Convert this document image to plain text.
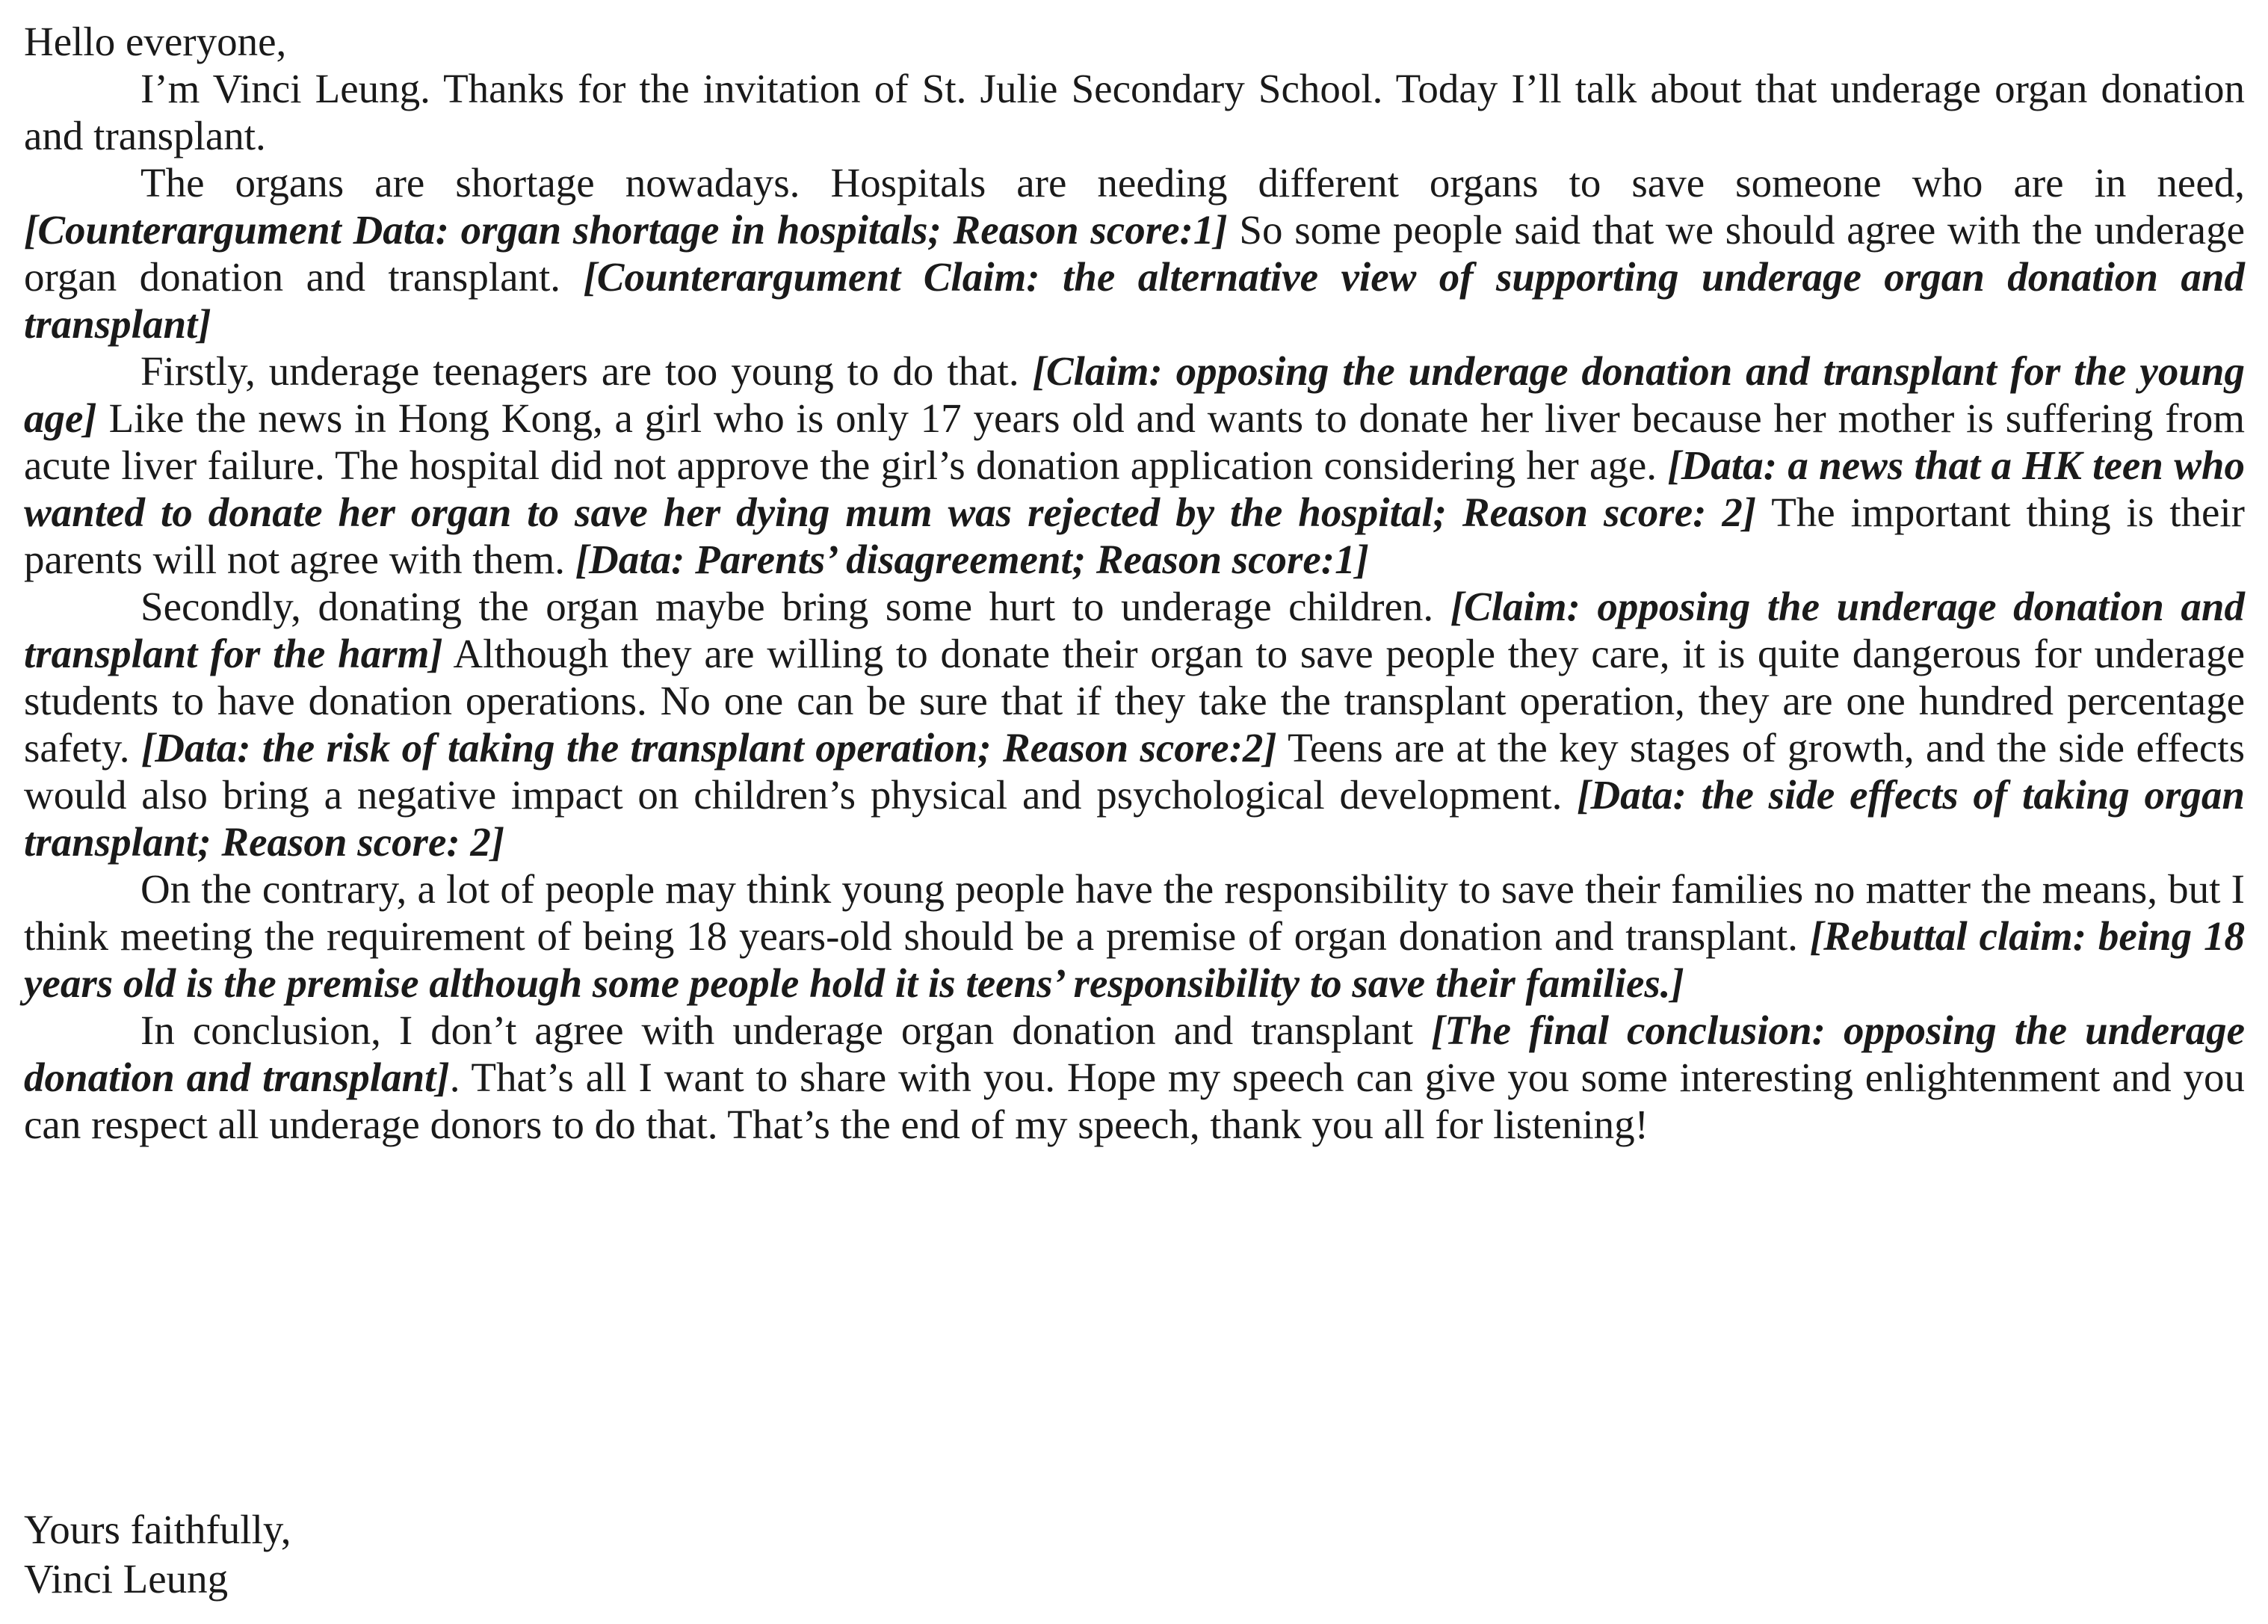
Hello everyone,

I’m Vinci Leung. Thanks for the invitation of St. Julie Secondary School. Today I’ll talk about that underage organ donation and transplant.

The organs are shortage nowadays. Hospitals are needing different organs to save someone who are in need, [Counterargument Data: organ shortage in hospitals; Reason score:1] So some people said that we should agree with the underage organ donation and transplant. [Counterargument Claim: the alternative view of supporting underage organ donation and transplant]

Firstly, underage teenagers are too young to do that. [Claim: opposing the underage donation and transplant for the young age] Like the news in Hong Kong, a girl who is only 17 years old and wants to donate her liver because her mother is suffering from acute liver failure. The hospital did not approve the girl’s donation application considering her age. [Data: a news that a HK teen who wanted to donate her organ to save her dying mum was rejected by the hospital; Reason score: 2] The important thing is their parents will not agree with them. [Data: Parents’ disagreement; Reason score:1]

Secondly, donating the organ maybe bring some hurt to underage children. [Claim: opposing the underage donation and transplant for the harm] Although they are willing to donate their organ to save people they care, it is quite dangerous for underage students to have donation operations. No one can be sure that if they take the transplant operation, they are one hundred percentage safety. [Data: the risk of taking the transplant operation; Reason score:2] Teens are at the key stages of growth, and the side effects would also bring a negative impact on children’s physical and psychological development. [Data: the side effects of taking organ transplant; Reason score: 2]

On the contrary, a lot of people may think young people have the responsibility to save their families no matter the means, but I think meeting the requirement of being 18 years-old should be a premise of organ donation and transplant. [Rebuttal claim: being 18 years old is the premise although some people hold it is teens’ responsibility to save their families.]

In conclusion, I don’t agree with underage organ donation and transplant [The final conclusion: opposing the underage donation and transplant]. That’s all I want to share with you. Hope my speech can give you some interesting enlightenment and you can respect all underage donors to do that. That’s the end of my speech, thank you all for listening!

Yours faithfully,

Vinci Leung
